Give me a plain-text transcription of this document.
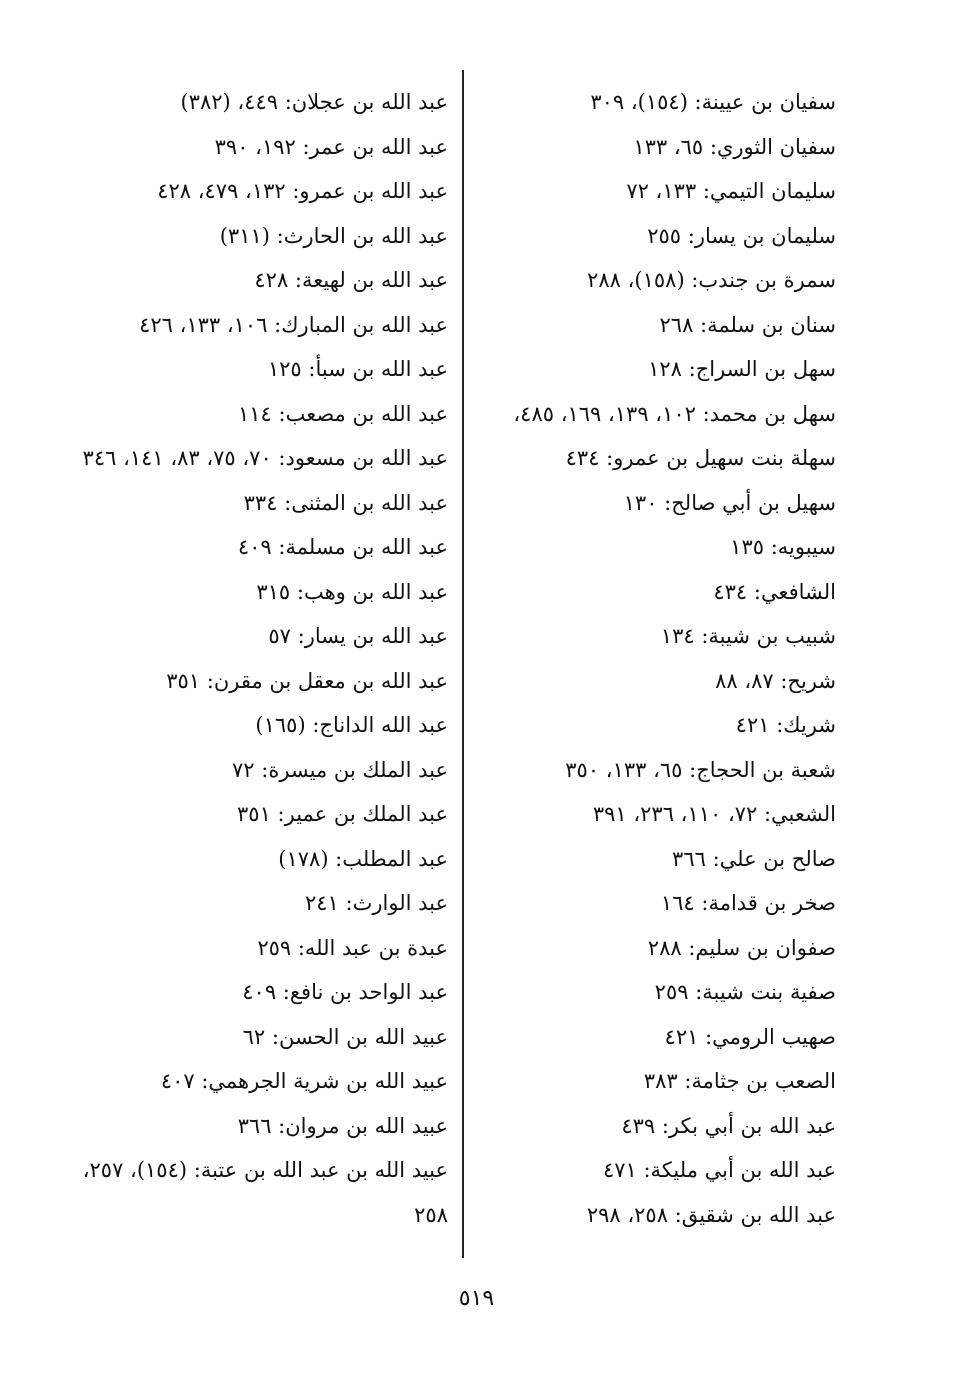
سفيان بن عيينة: (١٥٤)، ٣٠٩
سفيان الثوري: ٦٥، ١٣٣
سليمان التيمي: ١٣٣، ٧٢
سليمان بن يسار: ٢٥٥
سمرة بن جندب: (١٥٨)، ٢٨٨
سنان بن سلمة: ٢٦٨
سهل بن السراج: ١٢٨
سهل بن محمد: ١٠٢، ١٣٩، ١٦٩، ٤٨٥،
سهلة بنت سهيل بن عمرو: ٤٣٤
سهيل بن أبي صالح: ١٣٠
سيبويه: ١٣٥
الشافعي: ٤٣٤
شبيب بن شيبة: ١٣٤
شريح: ٨٧، ٨٨
شريك: ٤٢١
شعبة بن الحجاج: ٦٥، ١٣٣، ٣٥٠
الشعبي: ٧٢، ١١٠، ٢٣٦، ٣٩١
صالح بن علي: ٣٦٦
صخر بن قدامة: ١٦٤
صفوان بن سليم: ٢٨٨
صفية بنت شيبة: ٢٥٩
صهيب الرومي: ٤٢١
الصعب بن جثامة: ٣٨٣
عبد الله بن أبي بكر: ٤٣٩
عبد الله بن أبي مليكة: ٤٧١
عبد الله بن شقيق: ٢٥٨، ٢٩٨
عبد الله بن عجلان: ٤٤٩، (٣٨٢)
عبد الله بن عمر: ١٩٢، ٣٩٠
عبد الله بن عمرو: ١٣٢، ٤٧٩، ٤٢٨
عبد الله بن الحارث: (٣١١)
عبد الله بن لهيعة: ٤٢٨
عبد الله بن المبارك: ١٠٦، ١٣٣، ٤٢٦
عبد الله بن سبأ: ١٢٥
عبد الله بن مصعب: ١١٤
عبد الله بن مسعود: ٧٠، ٧٥، ٨٣، ١٤١، ٣٤٦
عبد الله بن المثنى: ٣٣٤
عبد الله بن مسلمة: ٤٠٩
عبد الله بن وهب: ٣١٥
عبد الله بن يسار: ٥٧
عبد الله بن معقل بن مقرن: ٣٥١
عبد الله الداناج: (١٦٥)
عبد الملك بن ميسرة: ٧٢
عبد الملك بن عمير: ٣٥١
عبد المطلب: (١٧٨)
عبد الوارث: ٢٤١
عبدة بن عبد الله: ٢٥٩
عبد الواحد بن نافع: ٤٠٩
عبيد الله بن الحسن: ٦٢
عبيد الله بن شرية الجرهمي: ٤٠٧
عبيد الله بن مروان: ٣٦٦
عبيد الله بن عبد الله بن عتبة: (١٥٤)، ٢٥٧، ٢٥٨
٥١٩
